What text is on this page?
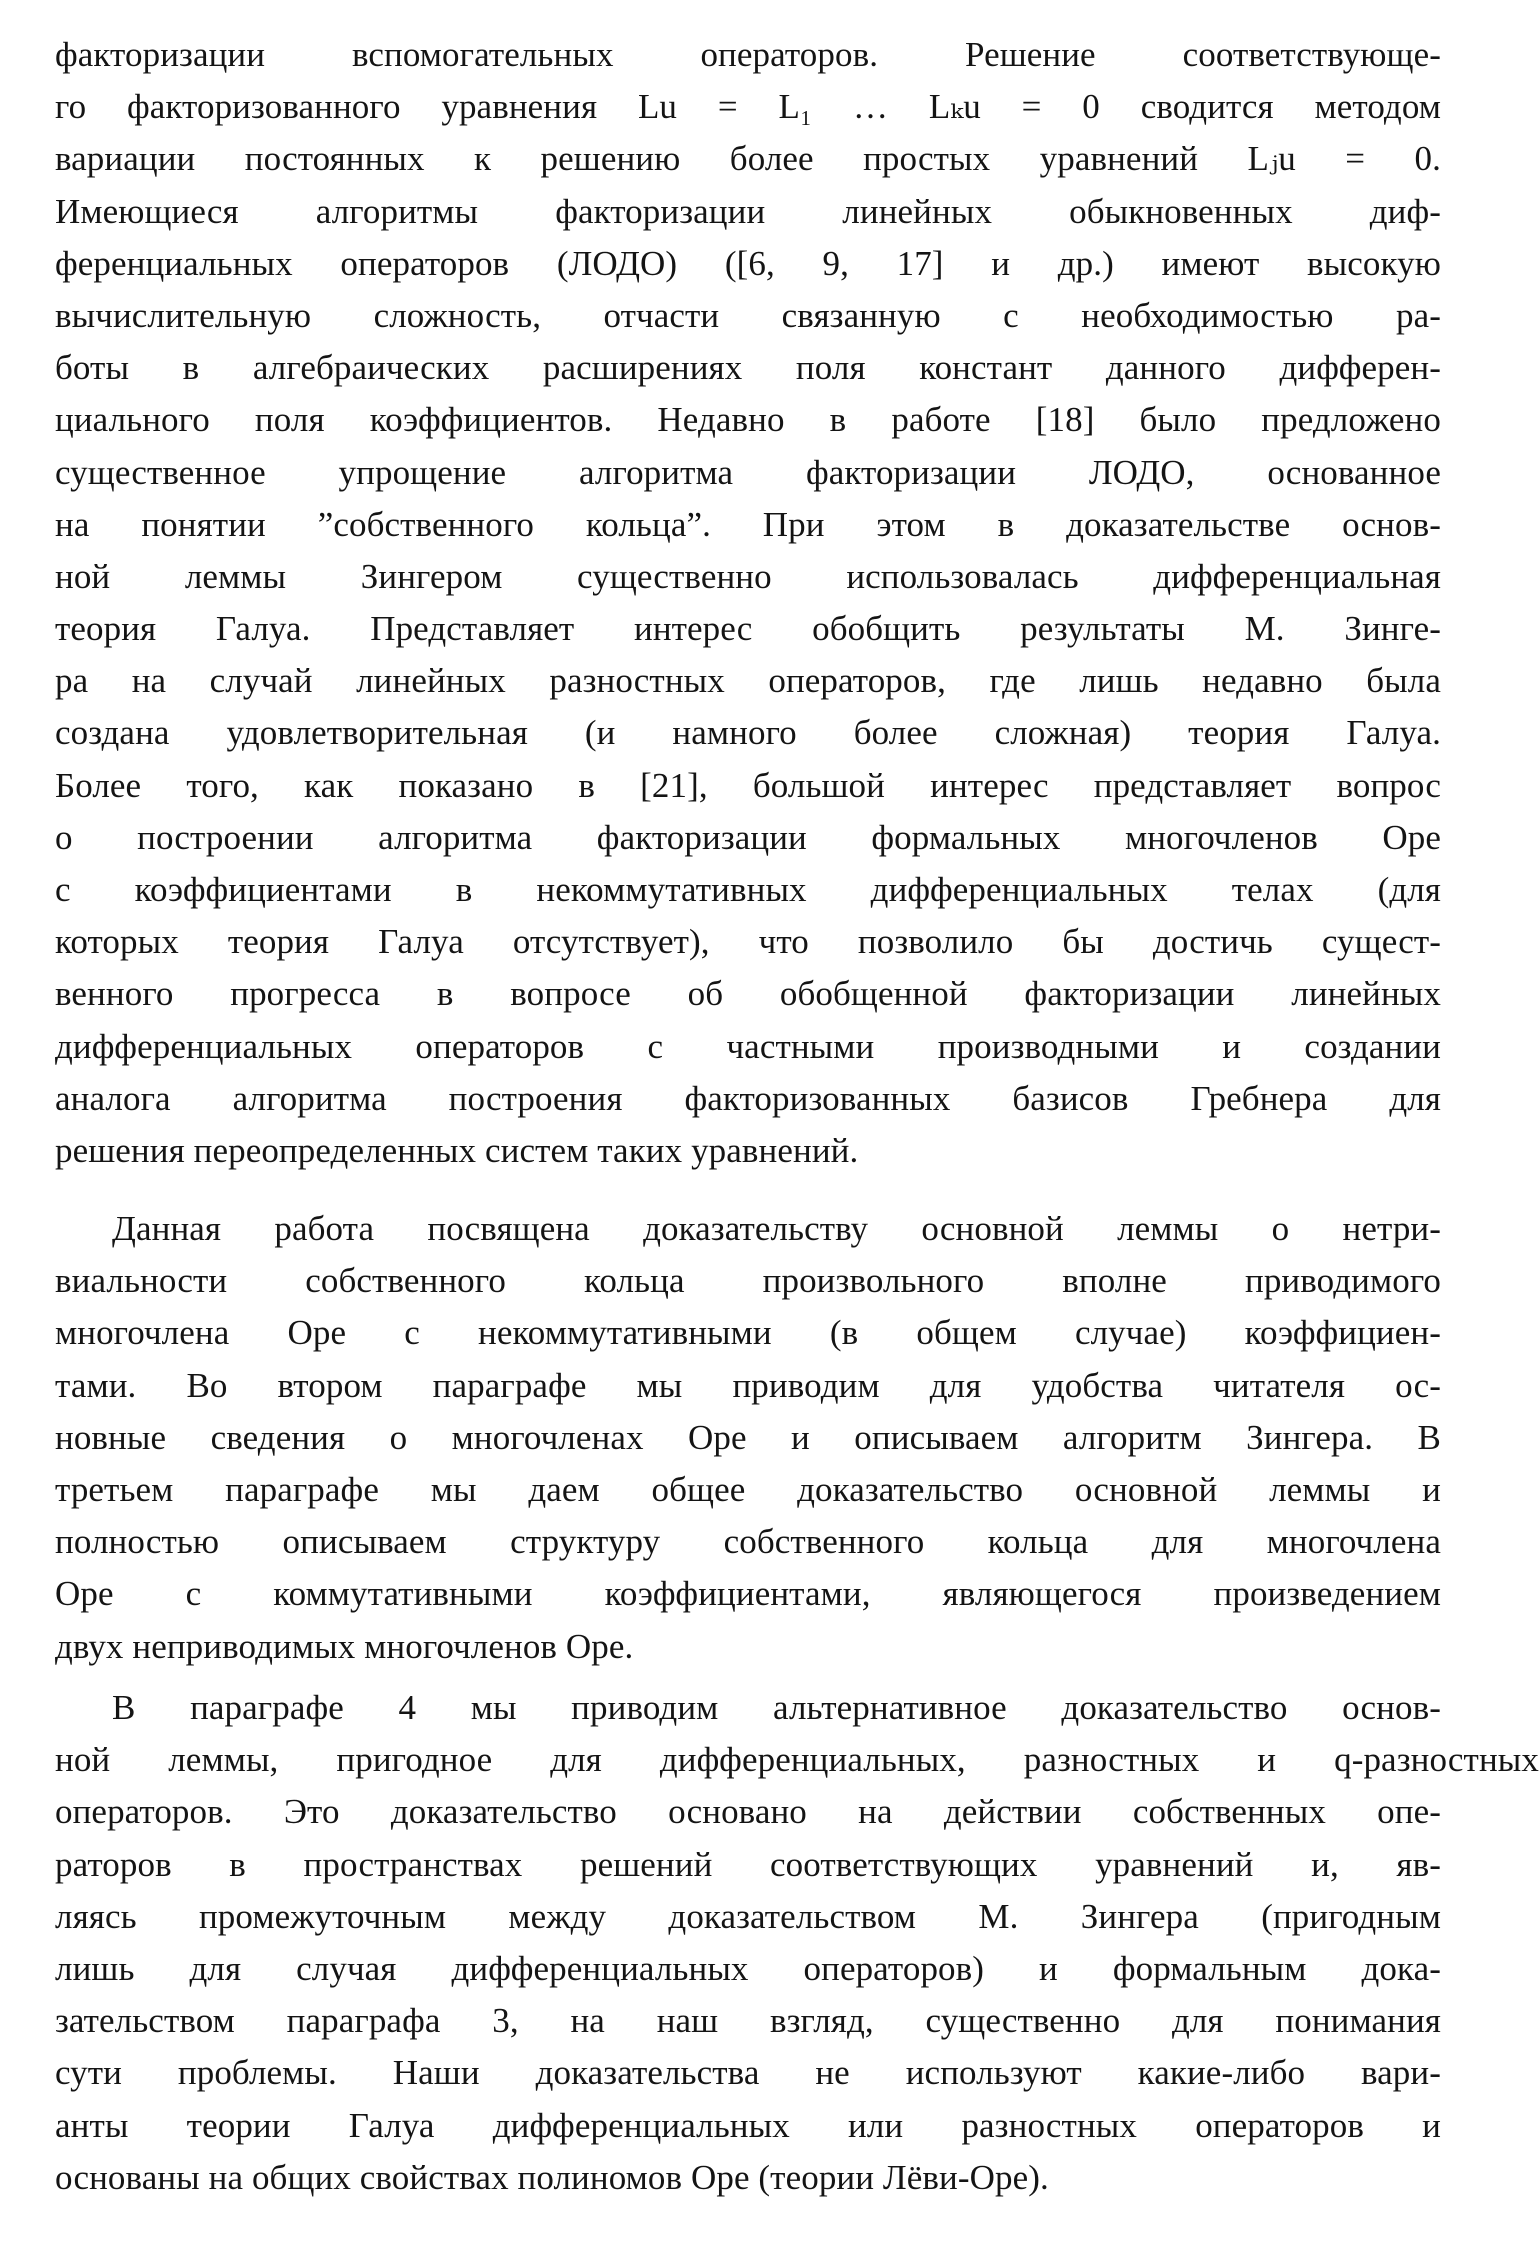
факторизации вспомогательных операторов. Решение соответствующе-
го факторизованного уравнения Lu = L₁ … Lₖu = 0 сводится методом
вариации постоянных к решению более простых уравнений Lⱼu = 0.
Имеющиеся алгоритмы факторизации линейных обыкновенных диф-
ференциальных операторов (ЛОДО) ([6, 9, 17] и др.) имеют высокую
вычислительную сложность, отчасти связанную с необходимостью ра-
боты в алгебраических расширениях поля констант данного дифферен-
циального поля коэффициентов. Недавно в работе [18] было предложено
существенное упрощение алгоритма факторизации ЛОДО, основанное
на понятии ”собственного кольца”. При этом в доказательстве основ-
ной леммы Зингером существенно использовалась дифференциальная
теория Галуа. Представляет интерес обобщить результаты М. Зинге-
ра на случай линейных разностных операторов, где лишь недавно была
создана удовлетворительная (и намного более сложная) теория Галуа.
Более того, как показано в [21], большой интерес представляет вопрос
о построении алгоритма факторизации формальных многочленов Оре
с коэффициентами в некоммутативных дифференциальных телах (для
которых теория Галуа отсутствует), что позволило бы достичь сущест-
венного прогресса в вопросе об обобщенной факторизации линейных
дифференциальных операторов с частными производными и создании
аналога алгоритма построения факторизованных базисов Гребнера для
решения переопределенных систем таких уравнений.
Данная работа посвящена доказательству основной леммы о нетри-
виальности собственного кольца произвольного вполне приводимого
многочлена Оре с некоммутативными (в общем случае) коэффициен-
тами. Во втором параграфе мы приводим для удобства читателя ос-
новные сведения о многочленах Оре и описываем алгоритм Зингера. В
третьем параграфе мы даем общее доказательство основной леммы и
полностью описываем структуру собственного кольца для многочлена
Оре с коммутативными коэффициентами, являющегося произведением
двух неприводимых многочленов Оре.
В параграфе 4 мы приводим альтернативное доказательство основ-
ной леммы, пригодное для дифференциальных, разностных и q-разностных
операторов. Это доказательство основано на действии собственных опе-
раторов в пространствах решений соответствующих уравнений и, яв-
ляясь промежуточным между доказательством М. Зингера (пригодным
лишь для случая дифференциальных операторов) и формальным дока-
зательством параграфа 3, на наш взгляд, существенно для понимания
сути проблемы. Наши доказательства не используют какие-либо вари-
анты теории Галуа дифференциальных или разностных операторов и
основаны на общих свойствах полиномов Оре (теории Лёви-Оре).
